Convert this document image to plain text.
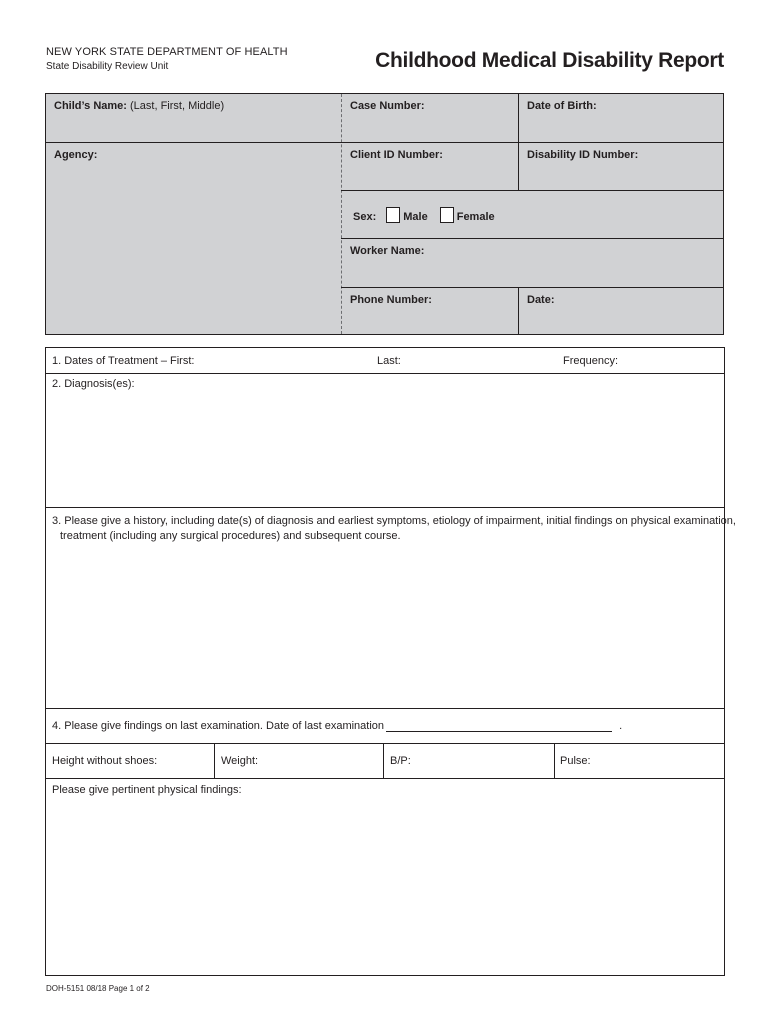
NEW YORK STATE DEPARTMENT OF HEALTH
State Disability Review Unit	Childhood Medical Disability Report
Child’s Name: (Last, First, Middle)	Case Number:	Date of Birth:
Agency:	Client ID Number:	Disability ID Number:
Sex: Male	Female
Worker Name:
Phone Number:	Date:
1. Dates of Treatment – First:	Last:	Frequency:
2. Diagnosis(es):
3. Please give a history, including date(s) of diagnosis and earliest symptoms, etiology of impairment, initial findings on physical examination,
treatment (including any surgical procedures) and subsequent course.
4. Please give findings on last examination. Date of last examination	.
Height without shoes:	Weight:	B/P:	Pulse:
Please give pertinent physical findings:
DOH-5151 08/18 Page 1 of 2
